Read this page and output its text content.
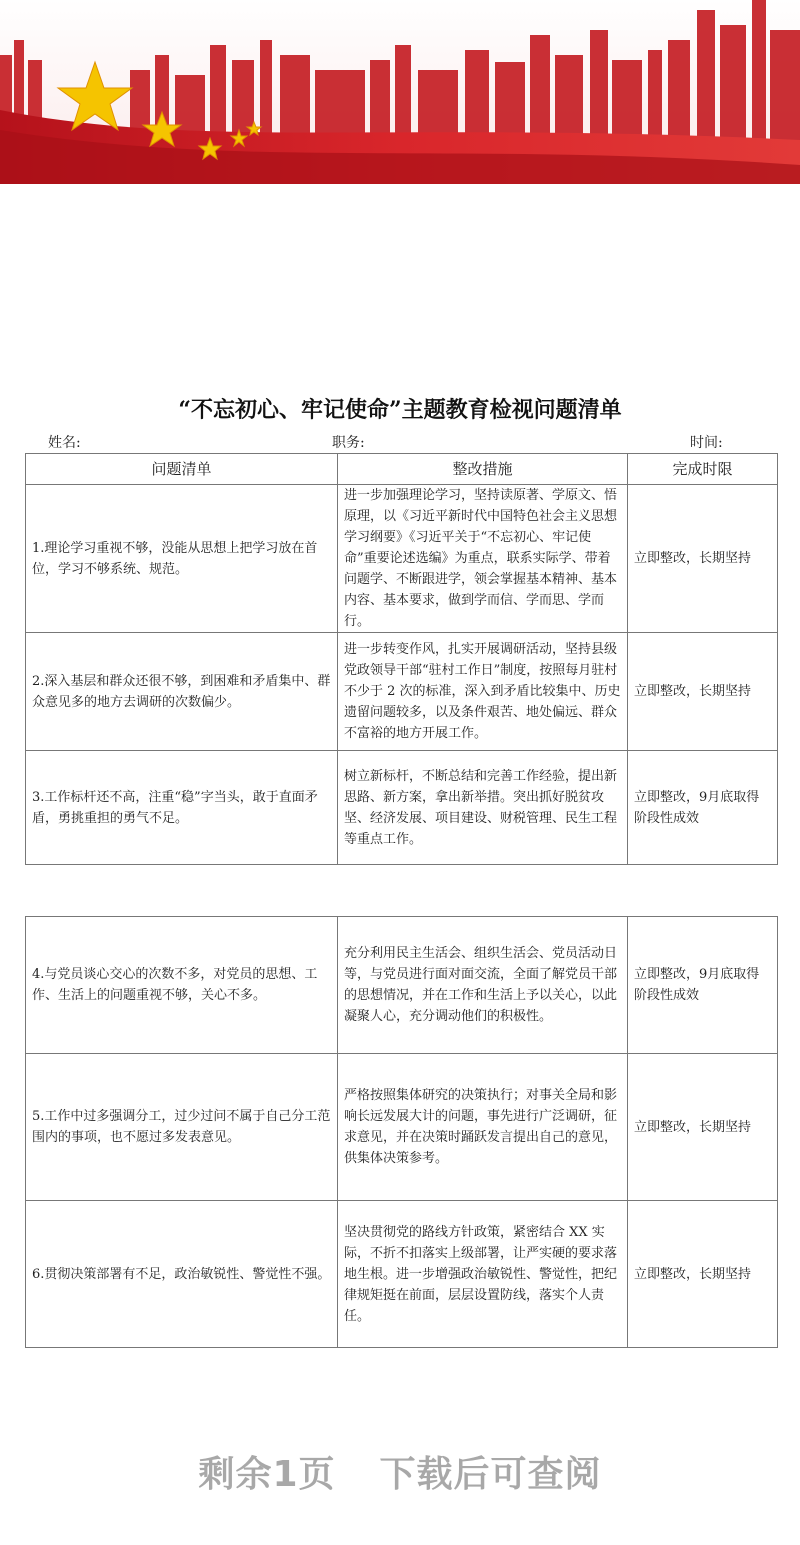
“不忘初心、牢记使命”主题教育检视问题清单
姓名:	职务:	时间:
问题清单	整改措施	完成时限
1.理论学习重视不够，没能从思想上把学习放在首位，学习不够系统、规范。	进一步加强理论学习，坚持读原著、学原文、悟原理，以《习近平新时代中国特色社会主义思想学习纲要》《习近平关于“不忘初心、牢记使命”重要论述选编》为重点，联系实际学、带着问题学、不断跟进学，领会掌握基本精神、基本内容、基本要求，做到学而信、学而思、学而行。	立即整改，长期坚持
2.深入基层和群众还很不够，到困难和矛盾集中、群众意见多的地方去调研的次数偏少。	进一步转变作风，扎实开展调研活动，坚持县级党政领导干部“驻村工作日”制度，按照每月驻村不少于 2 次的标准，深入到矛盾比较集中、历史遗留问题较多，以及条件艰苦、地处偏远、群众不富裕的地方开展工作。	立即整改，长期坚持
3.工作标杆还不高，注重“稳”字当头，敢于直面矛盾，勇挑重担的勇气不足。	树立新标杆，不断总结和完善工作经验，提出新思路、新方案，拿出新举措。突出抓好脱贫攻坚、经济发展、项目建设、财税管理、民生工程等重点工作。	立即整改，9月底取得阶段性成效
4.与党员谈心交心的次数不多，对党员的思想、工作、生活上的问题重视不够，关心不多。	充分利用民主生活会、组织生活会、党员活动日等，与党员进行面对面交流，全面了解党员干部的思想情况，并在工作和生活上予以关心，以此凝聚人心，充分调动他们的积极性。	立即整改，9月底取得阶段性成效
5.工作中过多强调分工，过少过问不属于自己分工范围内的事项，也不愿过多发表意见。	严格按照集体研究的决策执行；对事关全局和影响长远发展大计的问题，事先进行广泛调研，征求意见，并在决策时踊跃发言提出自己的意见，供集体决策参考。	立即整改，长期坚持
6.贯彻决策部署有不足，政治敏锐性、警觉性不强。	坚决贯彻党的路线方针政策，紧密结合 XX 实际，不折不扣落实上级部署，让严实硬的要求落地生根。进一步增强政治敏锐性、警觉性，把纪律规矩挺在前面，层层设置防线，落实个人责任。	立即整改，长期坚持
剩余1页 下载后可查阅
